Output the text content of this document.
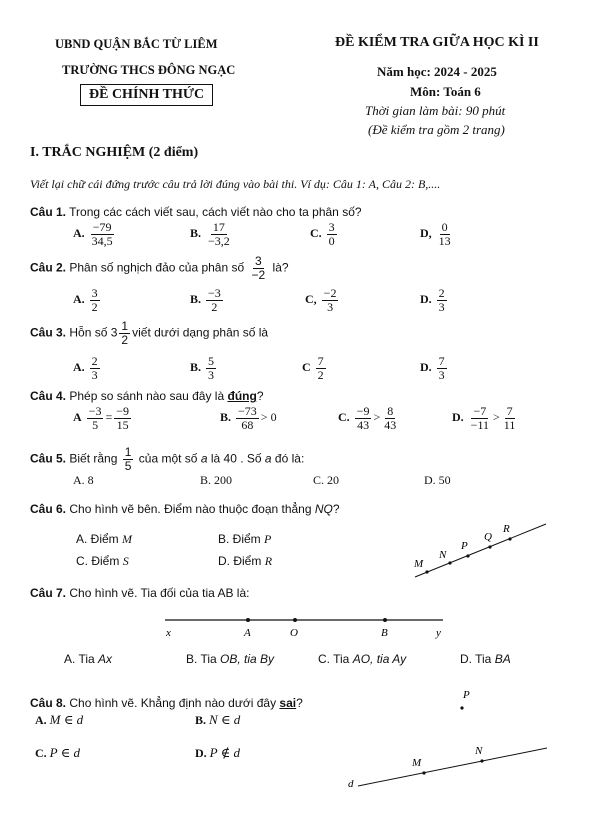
UBND QUẬN BẮC TỪ LIÊM
TRƯỜNG THCS ĐÔNG NGẠC
ĐỀ CHÍNH THỨC
ĐỀ KIỂM TRA GIỮA HỌC KÌ II
Năm học: 2024 - 2025
Môn: Toán 6
Thời gian làm bài: 90 phút
(Đề kiểm tra gồm 2 trang)
I. TRẮC NGHIỆM (2 điểm)
Viết lại chữ cái đứng trước câu trả lời đúng vào bài thi. Ví dụ: Câu 1: A, Câu 2: B,....
Câu 1. Trong các cách viết sau, cách viết nào cho ta phân số?
A. $\frac{-79}{34,5}$	B. $\frac{17}{-3,2}$	C. $\frac{3}{0}$	D, $\frac{0}{13}$
Câu 2. Phân số nghịch đảo của phân số $\frac{3}{-2}$ là?
A. $\frac{3}{2}$	B. $\frac{-3}{2}$	C, $\frac{-2}{3}$	D. $\frac{2}{3}$
Câu 3. Hỗn số $3 \frac{1}{2}$ viết dưới dạng phân số là
A. $\frac{2}{3}$	B. $\frac{5}{3}$	C $\frac{7}{2}$	D. $\frac{7}{3}$
Câu 4. Phép so sánh nào sau đây là đúng?
A $\frac{-3}{5} = \frac{-9}{15}$	B. $\frac{-73}{68} > 0$	C. $\frac{-9}{43} > \frac{8}{43}$	D. $\frac{-7}{-11} > \frac{7}{11}$
Câu 5. Biết rằng $\frac{1}{5}$ của một số a là 40 . Số a đó là:
A. 8	B. 200	C. 20	D. 50
Câu 6. Cho hình vẽ bên. Điểm nào thuộc đoạn thẳng NQ?
A. Điểm M	B. Điểm P
C. Điểm S	D. Điểm R	M
N
P
Q
R
Câu 7. Cho hình vẽ. Tia đối của tia AB là:
x	A	O	B	y
A. Tia Ax	B. Tia OB, tia By	C. Tia AO, tia Ay	D. Tia BA
Câu 8. Cho hình vẽ. Khẳng định nào dưới đây sai?
A. M ∈ d	B. N ∈ d
C. P ∈ d	D. P ∉ d
P
M
N
d
